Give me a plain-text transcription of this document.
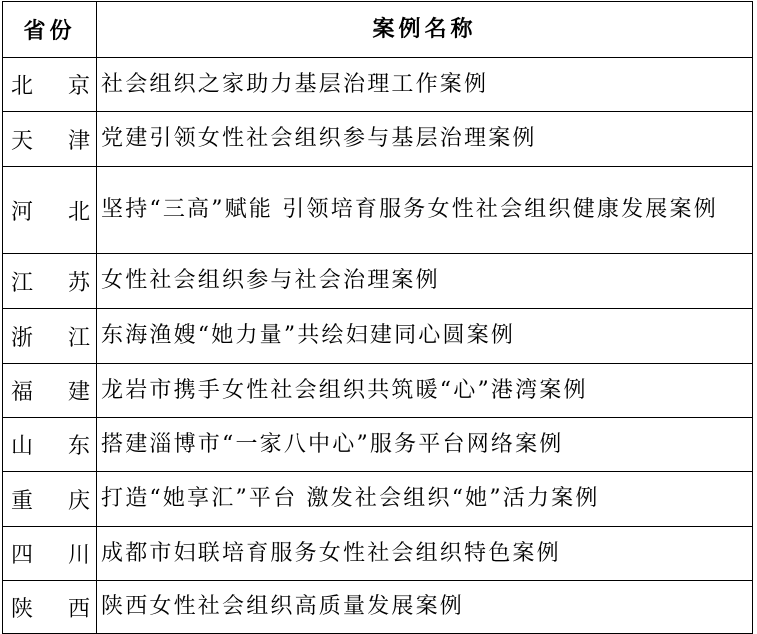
省份	案例名称
北 京 社会组织之家助力基层治理工作案例
天 津 党建引领女性社会组织参与基层治理案例
河 北 坚持“三高”赋能 引领培育服务女性社会组织健康发展案例
江 苏 女性社会组织参与社会治理案例
浙 江 东海渔嫂“她力量”共绘妇建同心圆案例
福 建 龙岩市携手女性社会组织共筑暖“心”港湾案例
山 东 搭建淄博市“一家八中心”服务平台网络案例
重 庆 打造“她享汇”平台 激发社会组织“她”活力案例
四 川 成都市妇联培育服务女性社会组织特色案例
陕 西 陕西女性社会组织高质量发展案例
